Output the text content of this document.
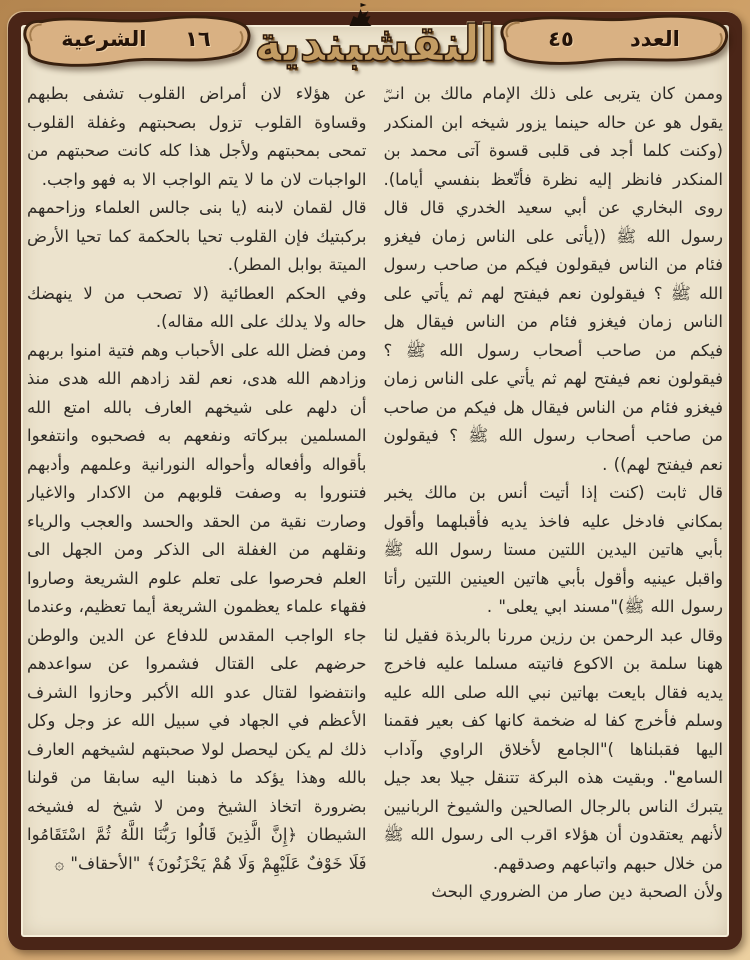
١٦
الشرعية النقشبندية	العدد
٤٥

وممن كان يتربى على ذلك الإمام مالك بن انسؓ يقول هو عن حاله حينما يزور شيخه ابن المنكدر (وكنت كلما أجد فى قلبى قسوة آتى محمد بن المنكدر فانظر إليه نظرة فأتّعظ بنفسي أياما). روى البخاري عن أبي سعيد الخدري قال قال رسول الله ﷺ ((يأتى على الناس زمان فيغزو فئام من الناس فيقولون فيكم من صاحب رسول الله ﷺ ؟ فيقولون نعم فيفتح لهم ثم يأتي على الناس زمان فيغزو فئام من الناس فيقال هل فيكم من صاحب أصحاب رسول الله ﷺ ؟ فيقولون نعم فيفتح لهم ثم يأتي على الناس زمان فيغزو فئام من الناس فيقال هل فيكم من صاحب من صاحب أصحاب رسول الله ﷺ ؟ فيقولون نعم فيفتح لهم)) .

قال ثابت (كنت إذا أتيت أنس بن مالك يخبر بمكاني فادخل عليه فاخذ يديه فأقبلهما وأقول بأبي هاتين اليدين اللتين مستا رسول الله ﷺ واقبل عينيه وأقول بأبي هاتين العينين اللتين رأتا رسول الله ﷺ)"مسند ابي يعلى" .

وقال عبد الرحمن بن رزين مررنا بالربذة فقيل لنا ههنا سلمة بن الاكوع فاتيته مسلما عليه فاخرج يديه فقال بايعت بهاتين نبي الله صلى الله عليه وسلم فأخرج كفا له ضخمة كانها كف بعير فقمنا اليها فقبلناها )"الجامع لأخلاق الراوي وآداب السامع". وبقيت هذه البركة تتنقل جيلا بعد جيل يتبرك الناس بالرجال الصالحين والشيوخ الربانيين لأنهم يعتقدون أن هؤلاء اقرب الى رسول الله ﷺ من خلال حبهم واتباعهم وصدقهم.

ولأن الصحبة دين صار من الضروري البحث

عن هؤلاء لان أمراض القلوب تشفى بطبهم وقساوة القلوب تزول بصحبتهم وغفلة القلوب تمحى بمحبتهم ولأجل هذا كله كانت صحبتهم من الواجبات لان ما لا يتم الواجب الا به فهو واجب.

قال لقمان لابنه (يا بنى جالس العلماء وزاحمهم بركبتيك فإن القلوب تحيا بالحكمة كما تحيا الأرض الميتة بوابل المطر).

وفي الحكم العطائية (لا تصحب من لا ينهضك حاله ولا يدلك على الله مقاله).

ومن فضل الله على الأحباب وهم فتية امنوا بربهم وزادهم الله هدى، نعم لقد زادهم الله هدى منذ أن دلهم على شيخهم العارف بالله امتع الله المسلمين ببركاته ونفعهم به فصحبوه وانتفعوا بأقواله وأفعاله وأحواله النورانية وعلمهم وأدبهم فتنوروا به وصفت قلوبهم من الاكدار والاغيار وصارت نقية من الحقد والحسد والعجب والرياء ونقلهم من الغفلة الى الذكر ومن الجهل الى العلم فحرصوا على تعلم علوم الشريعة وصاروا فقهاء علماء يعظمون الشريعة أيما تعظيم، وعندما جاء الواجب المقدس للدفاع عن الدين والوطن حرضهم على القتال فشمروا عن سواعدهم وانتفضوا لقتال عدو الله الأكبر وحازوا الشرف الأعظم في الجهاد في سبيل الله عز وجل وكل ذلك لم يكن ليحصل لولا صحبتهم لشيخهم العارف بالله وهذا يؤكد ما ذهبنا اليه سابقا من قولنا بضرورة اتخاذ الشيخ ومن لا شيخ له فشيخه الشيطان ﴿إِنَّ الَّذِينَ قَالُوا رَبُّنَا اللَّهُ ثُمَّ اسْتَقَامُوا فَلَا خَوْفٌ عَلَيْهِمْ وَلَا هُمْ يَحْزَنُونَ﴾ "الأحقاف" ۞
